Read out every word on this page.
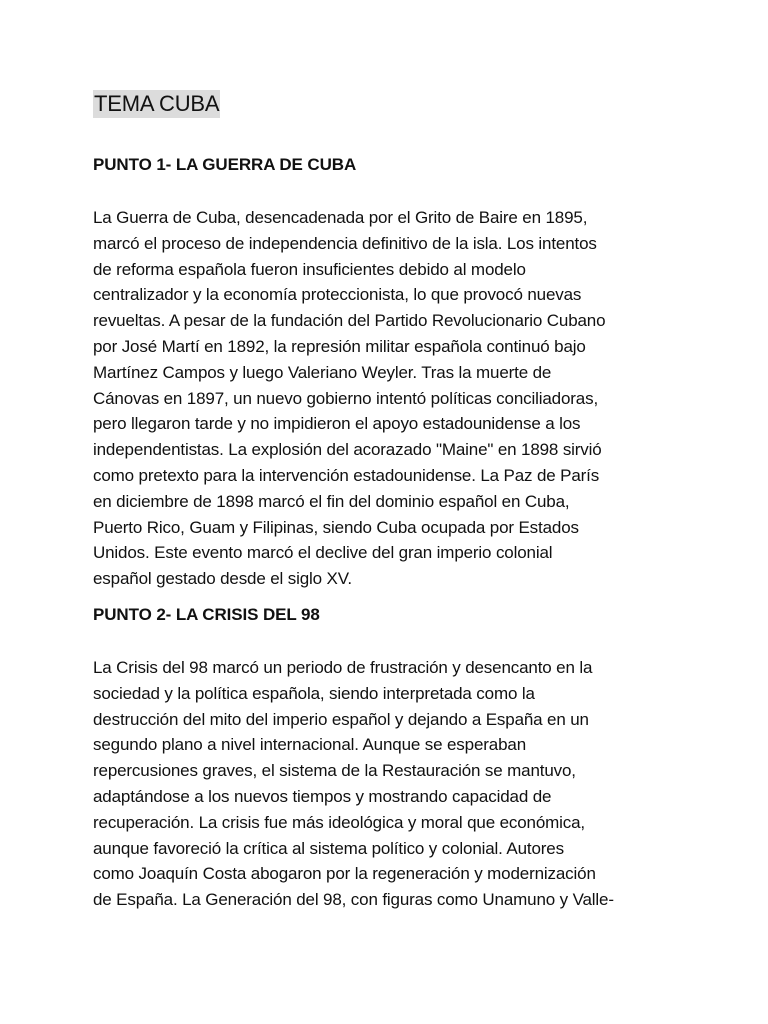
TEMA CUBA
PUNTO 1- LA GUERRA DE CUBA

La Guerra de Cuba, desencadenada por el Grito de Baire en 1895,
marcó el proceso de independencia definitivo de la isla. Los intentos
de reforma española fueron insuficientes debido al modelo
centralizador y la economía proteccionista, lo que provocó nuevas
revueltas. A pesar de la fundación del Partido Revolucionario Cubano
por José Martí en 1892, la represión militar española continuó bajo
Martínez Campos y luego Valeriano Weyler. Tras la muerte de
Cánovas en 1897, un nuevo gobierno intentó políticas conciliadoras,
pero llegaron tarde y no impidieron el apoyo estadounidense a los
independentistas. La explosión del acorazado "Maine" en 1898 sirvió
como pretexto para la intervención estadounidense. La Paz de París
en diciembre de 1898 marcó el fin del dominio español en Cuba,
Puerto Rico, Guam y Filipinas, siendo Cuba ocupada por Estados
Unidos. Este evento marcó el declive del gran imperio colonial
español gestado desde el siglo XV.

PUNTO 2- LA CRISIS DEL 98

La Crisis del 98 marcó un periodo de frustración y desencanto en la
sociedad y la política española, siendo interpretada como la
destrucción del mito del imperio español y dejando a España en un
segundo plano a nivel internacional. Aunque se esperaban
repercusiones graves, el sistema de la Restauración se mantuvo,
adaptándose a los nuevos tiempos y mostrando capacidad de
recuperación. La crisis fue más ideológica y moral que económica,
aunque favoreció la crítica al sistema político y colonial. Autores
como Joaquín Costa abogaron por la regeneración y modernización
de España. La Generación del 98, con figuras como Unamuno y Valle-
